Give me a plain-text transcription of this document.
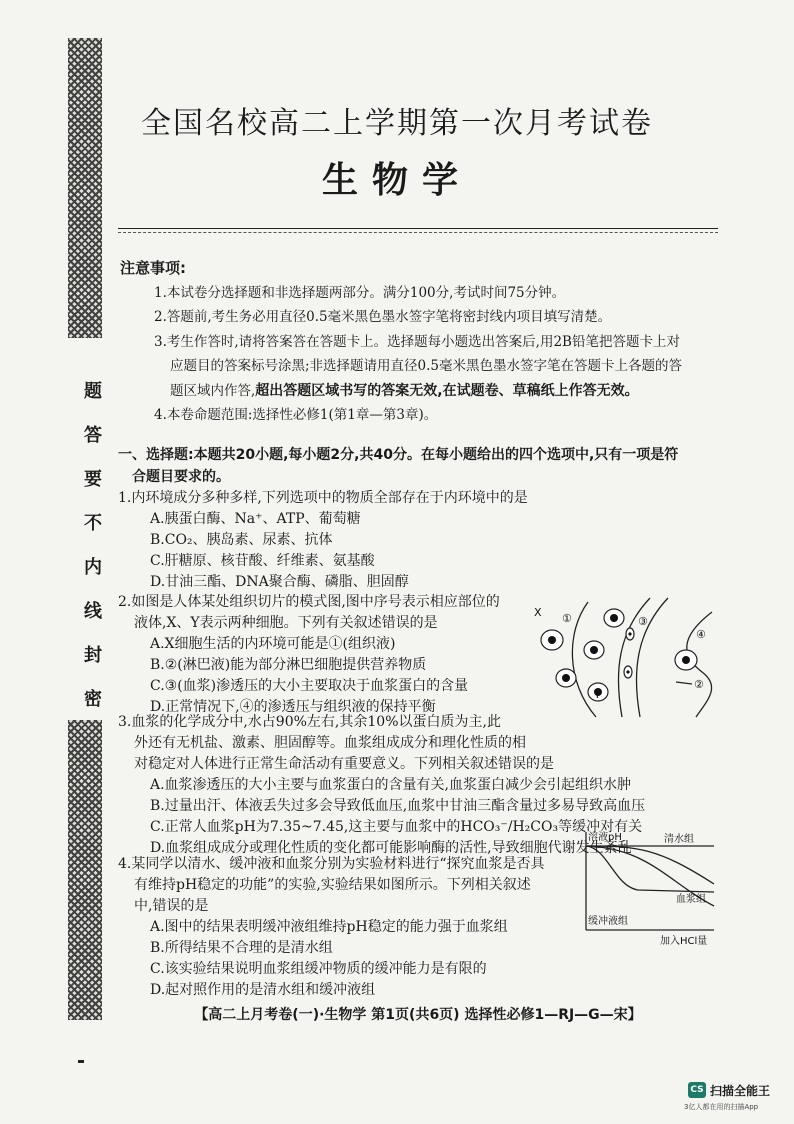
题
答
要
不
内
线
封
密
全国名校高二上学期第一次月考试卷
生物学

注意事项:

1.本试卷分选择题和非选择题两部分。满分100分,考试时间75分钟。

2.答题前,考生务必用直径0.5毫米黑色墨水签字笔将密封线内项目填写清楚。

3.考生作答时,请将答案答在答题卡上。选择题每小题选出答案后,用2B铅笔把答题卡上对

应题目的答案标号涂黑;非选择题请用直径0.5毫米黑色墨水签字笔在答题卡上各题的答

题区域内作答,超出答题区域书写的答案无效,在试题卷、草稿纸上作答无效。

4.本卷命题范围:选择性必修1(第1章—第3章)。

一、选择题:本题共20小题,每小题2分,共40分。在每小题给出的四个选项中,只有一项是符

合题目要求的。

1.内环境成分多种多样,下列选项中的物质全部存在于内环境中的是

A.胰蛋白酶、Na⁺、ATP、葡萄糖

B.CO₂、胰岛素、尿素、抗体

C.肝糖原、核苷酸、纤维素、氨基酸

D.甘油三酯、DNA聚合酶、磷脂、胆固醇

2.如图是人体某处组织切片的模式图,图中序号表示相应部位的

液体,X、Y表示两种细胞。下列有关叙述错误的是

A.X细胞生活的内环境可能是①(组织液)

B.②(淋巴液)能为部分淋巴细胞提供营养物质

C.③(血浆)渗透压的大小主要取决于血浆蛋白的含量

D.正常情况下,④的渗透压与组织液的保持平衡

X ①	③
④
②
Y

3.血浆的化学成分中,水占90%左右,其余10%以蛋白质为主,此

外还有无机盐、激素、胆固醇等。血浆组成成分和理化性质的相

对稳定对人体进行正常生命活动有重要意义。下列相关叙述错误的是

A.血浆渗透压的大小主要与血浆蛋白的含量有关,血浆蛋白减少会引起组织水肿

B.过量出汗、体液丢失过多会导致低血压,血浆中甘油三酯含量过多易导致高血压

C.正常人血浆pH为7.35~7.45,这主要与血浆中的HCO₃⁻/H₂CO₃等缓冲对有关

D.血浆组成成分或理化性质的变化都可能影响酶的活性,导致细胞代谢发生紊乱

4.某同学以清水、缓冲液和血浆分别为实验材料进行“探究血浆是否具

有维持pH稳定的功能”的实验,实验结果如图所示。下列相关叙述

中,错误的是

A.图中的结果表明缓冲液组维持pH稳定的能力强于血浆组

B.所得结果不合理的是清水组

C.该实验结果说明血浆组缓冲物质的缓冲能力是有限的

D.起对照作用的是清水组和缓冲液组

溶液pH	清水组
血浆组
缓冲液组
加入HCl量
【高二上月考卷(一)·生物学 第1页(共6页) 选择性必修1—RJ—G—宋】
CS 扫描全能王
3亿人都在用的扫描App
